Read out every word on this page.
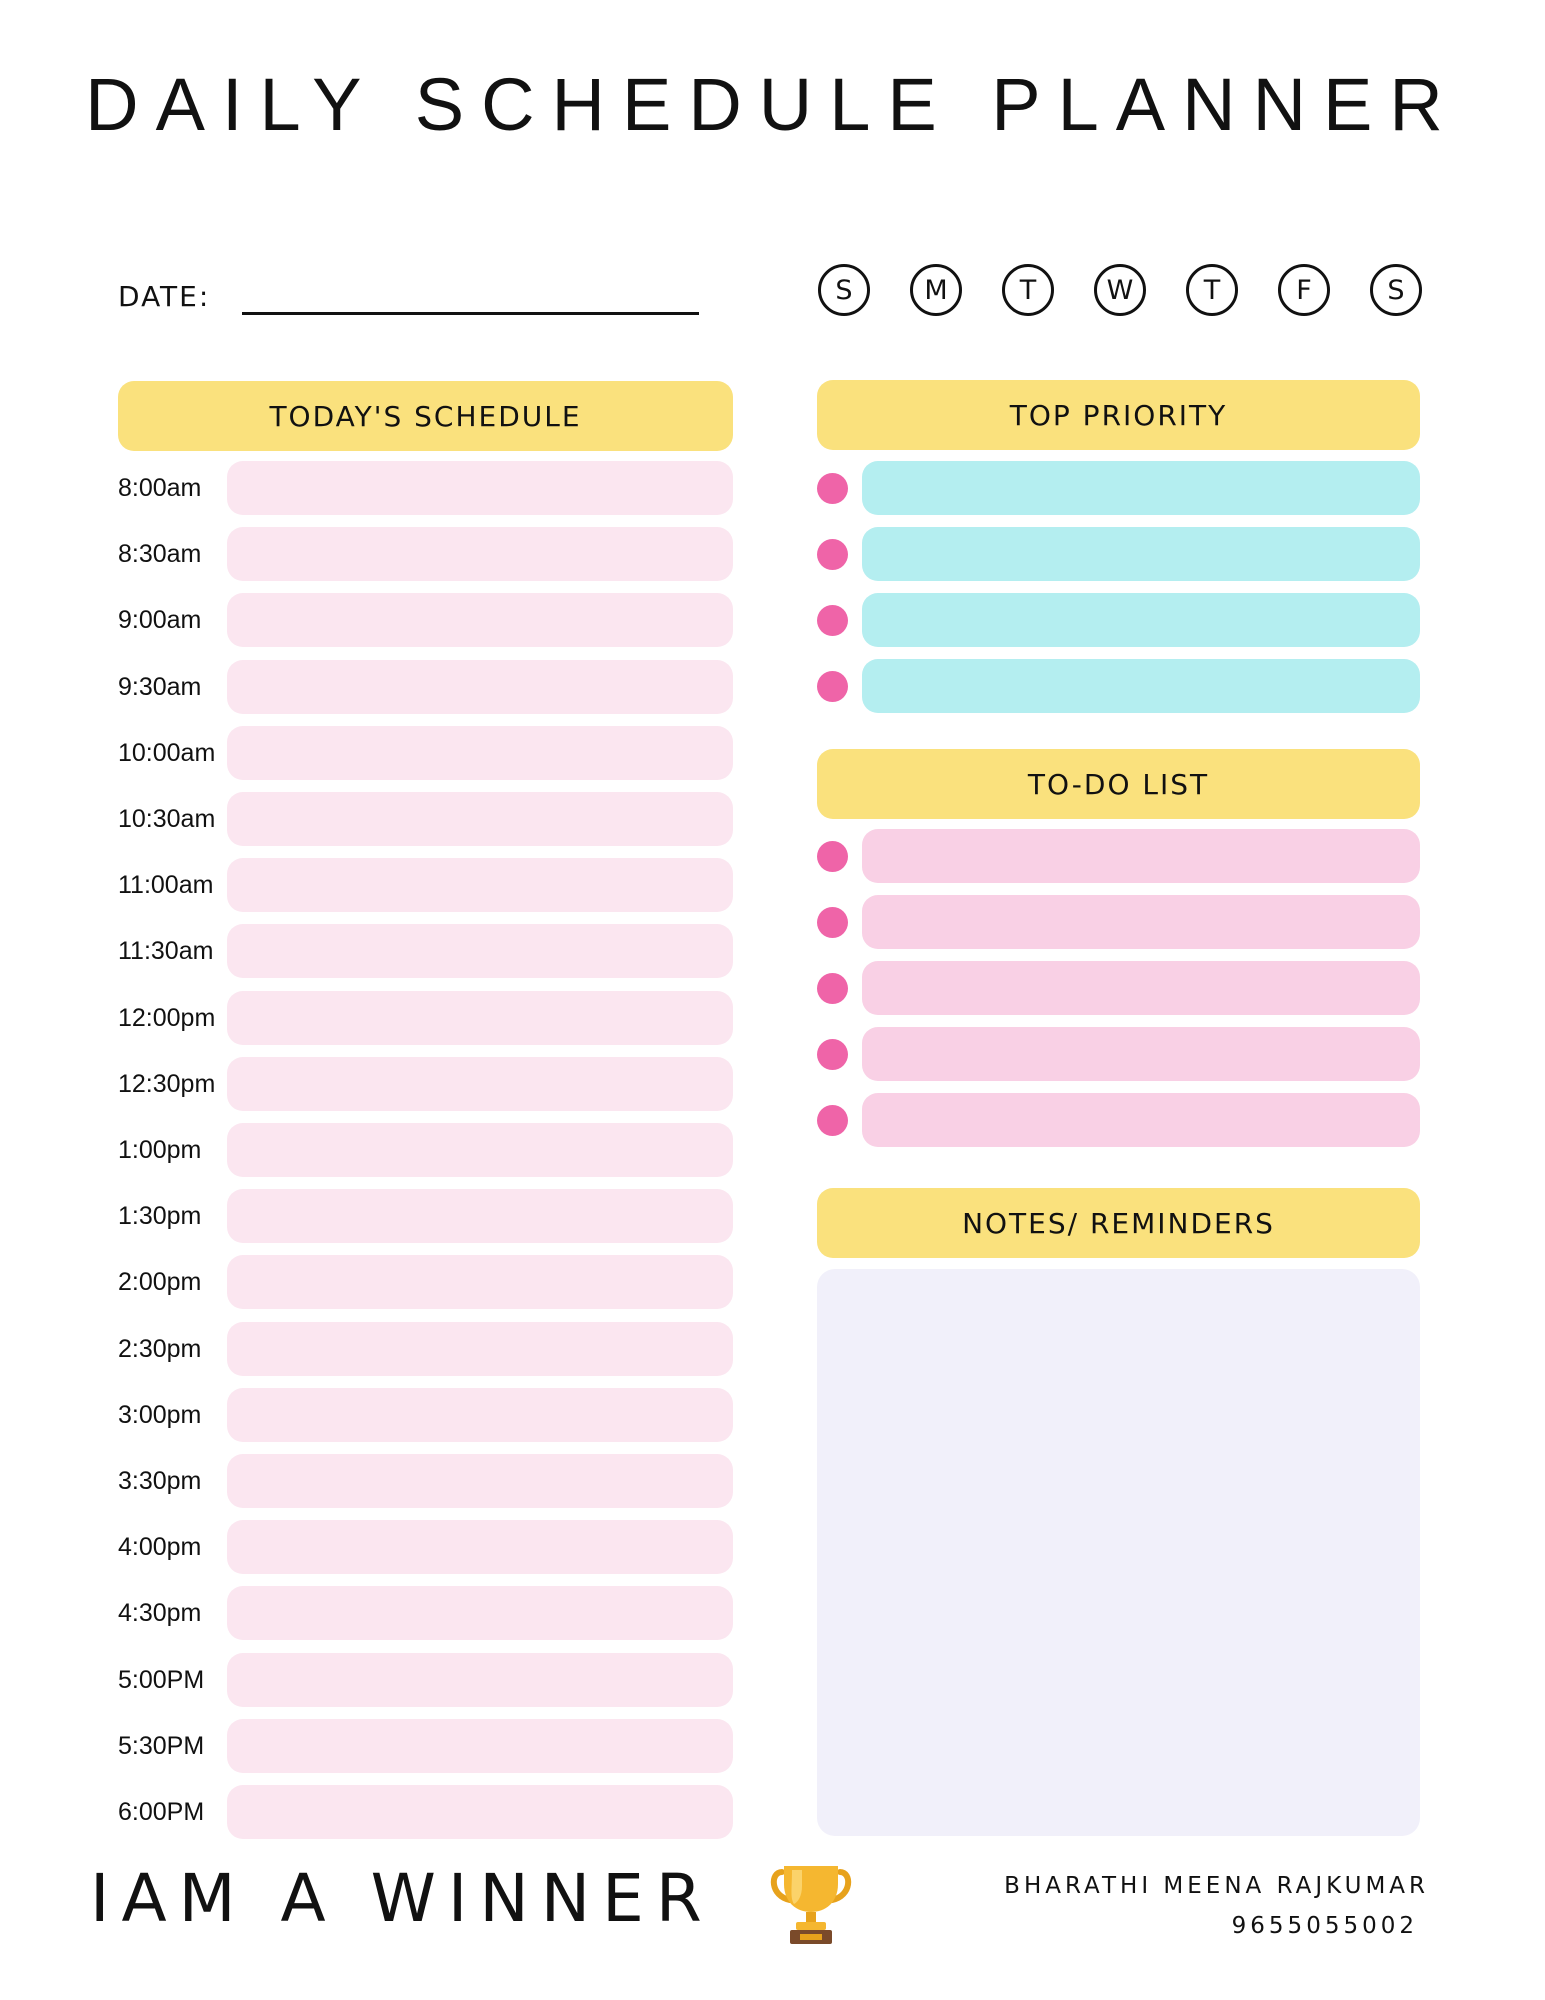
DAILY SCHEDULE PLANNER
DATE:	S	M	T	W	T	F	S
TODAY'S SCHEDULE
8:00am
8:30am
9:00am
9:30am
10:00am
10:30am
11:00am
11:30am
12:00pm
12:30pm
1:00pm
1:30pm
2:00pm
2:30pm
3:00pm
3:30pm
4:00pm
4:30pm
5:00PM
5:30PM
6:00PM
TOP PRIORITY
TO-DO LIST
NOTES/ REMINDERS
IAM A WINNER	BHARATHI MEENA RAJKUMAR
9655055002
